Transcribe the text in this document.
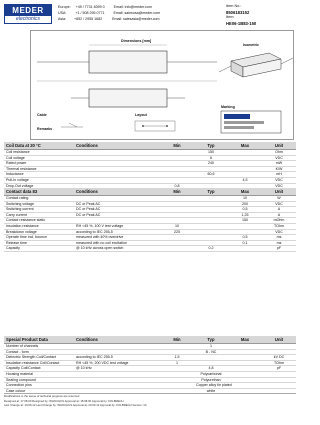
MEDER
electronics
Europe: +49 / 7731 8399 0	Email: info@meder.com
USA:	+1 / 508 295 0771	Email: salesusa@meder.com
Asia: +852 / 2955 1682	Email: salesasia@meder.com
Item No.:
8506183152
Item:
HE06-1B83-150
Dimensions [mm]
Isometric
Cable
Remarks
Layout
Marking
Coil Data at 20 °C	Conditions	Min	Typ	Max	Unit
Coil resistance			150		Ohm
Coil voltage			6		VDC
Rated power			240		mW
Thermal resistance					K/W
Inductance			60,6		mH
Pull-In voltage				4,5	VDC
Drop-Out voltage		0,8			VDC
Contact data 83	Conditions	Min	Typ	Max	Unit
Contact rating				10	W
Switching voltage	DC or Peak AC			200	VDC
Switching current	DC or Peak AC			0,5	A
Carry current	DC or Peak AC			1,25	A
Contact resistance static				150	mOhm
Insulation resistance	RH <45 %, 100 V test voltage	10			TOhm
Breakdown voltage	according to IEC 255-5	225			VDC
Operate time incl. bounce	measured with 40% overdrive			0,5	ms
Release time	measured with no coil excitation			0,1	ms
Capacity	@ 10 kHz across open switch		0,2		pF
Special Product Data	Conditions	Min	Typ	Max	Unit
Number of channels			1		
Contact - form			B - NC		
Dielectric Strength Coil/Contact	according to IEC 255-5	1,5			kV DC
Insulation resistance Coil/Contact	RH <45 %, 200 VDC test voltage	1			TOhm
Capacity Coil/Contact	@ 10 kHz		4,8		pF
Housing material			Polycarbonat		
Sealing compound			Polyurethan		
Connection pins			Copper alloy tin plated		
Case colour			white		
Modifications in the sense of technical progress are reserved
Designed at: 17.08.00 Designed by: WHOCHUS Approval at: 18.08.00 Approval by: KOLBRECH
Last Change at: 19.09.12 Last Change by: WHOCHUS Approval at: 20.09.12 Approval by: KOLBRECH Version: 10
